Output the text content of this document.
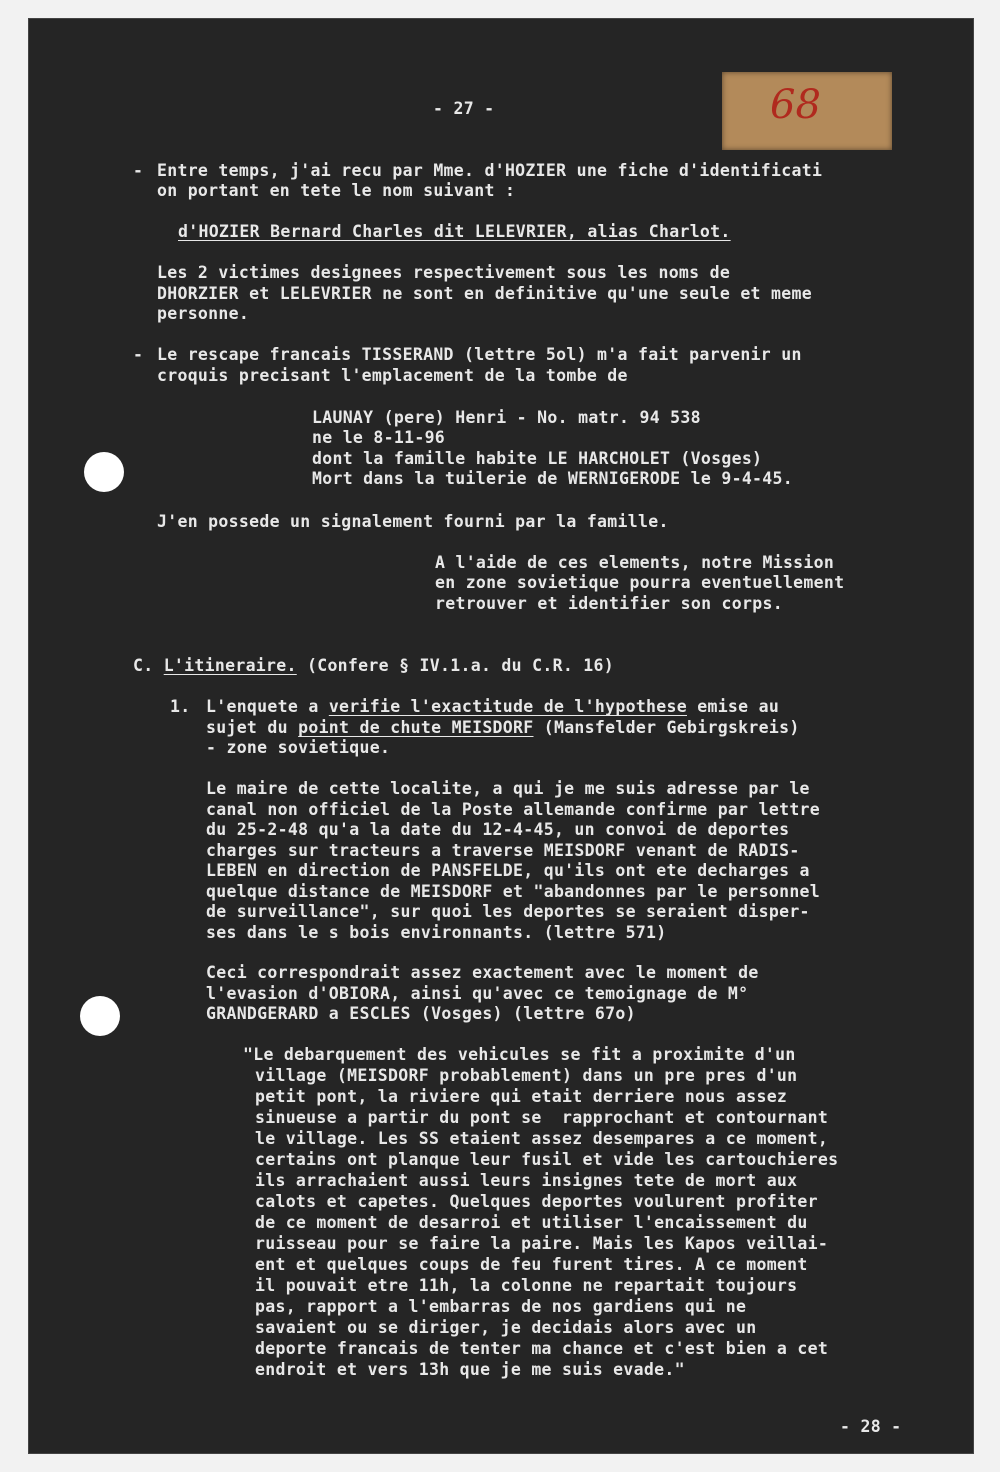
68

- 27 -

- Entre temps, j'ai recu par Mme. d'HOZIER une fiche d'identificati

on portant en tete le nom suivant :

d'HOZIER Bernard Charles dit LELEVRIER, alias Charlot.

Les 2 victimes designees respectivement sous les noms de

DHORZIER et LELEVRIER ne sont en definitive qu'une seule et meme

personne.

- Le rescape francais TISSERAND (lettre 5ol) m'a fait parvenir un

croquis precisant l'emplacement de la tombe de

LAUNAY (pere) Henri - No. matr. 94 538

ne le 8-11-96

dont la famille habite LE HARCHOLET (Vosges)

Mort dans la tuilerie de WERNIGERODE le 9-4-45.

J'en possede un signalement fourni par la famille.

A l'aide de ces elements, notre Mission

en zone sovietique pourra eventuellement

retrouver et identifier son corps.

C. L'itineraire. (Confere § IV.1.a. du C.R. 16)

1. L'enquete a verifie l'exactitude de l'hypothese emise au

sujet du point de chute MEISDORF (Mansfelder Gebirgskreis)

- zone sovietique.

Le maire de cette localite, a qui je me suis adresse par le

canal non officiel de la Poste allemande confirme par lettre

du 25-2-48 qu'a la date du 12-4-45, un convoi de deportes

charges sur tracteurs a traverse MEISDORF venant de RADIS-

LEBEN en direction de PANSFELDE, qu'ils ont ete decharges a

quelque distance de MEISDORF et "abandonnes par le personnel

de surveillance", sur quoi les deportes se seraient disper-

ses dans le s bois environnants. (lettre 571)

Ceci correspondrait assez exactement avec le moment de

l'evasion d'OBIORA, ainsi qu'avec ce temoignage de M°

GRANDGERARD a ESCLES (Vosges) (lettre 67o)

"Le debarquement des vehicules se fit a proximite d'un

village (MEISDORF probablement) dans un pre pres d'un

petit pont, la riviere qui etait derriere nous assez

sinueuse a partir du pont se  rapprochant et contournant

le village. Les SS etaient assez desempares a ce moment,

certains ont planque leur fusil et vide les cartouchieres

ils arrachaient aussi leurs insignes tete de mort aux

calots et capetes. Quelques deportes voulurent profiter

de ce moment de desarroi et utiliser l'encaissement du

ruisseau pour se faire la paire. Mais les Kapos veillai-

ent et quelques coups de feu furent tires. A ce moment

il pouvait etre 11h, la colonne ne repartait toujours

pas, rapport a l'embarras de nos gardiens qui ne

savaient ou se diriger, je decidais alors avec un

deporte francais de tenter ma chance et c'est bien a cet

endroit et vers 13h que je me suis evade."

- 28 -
